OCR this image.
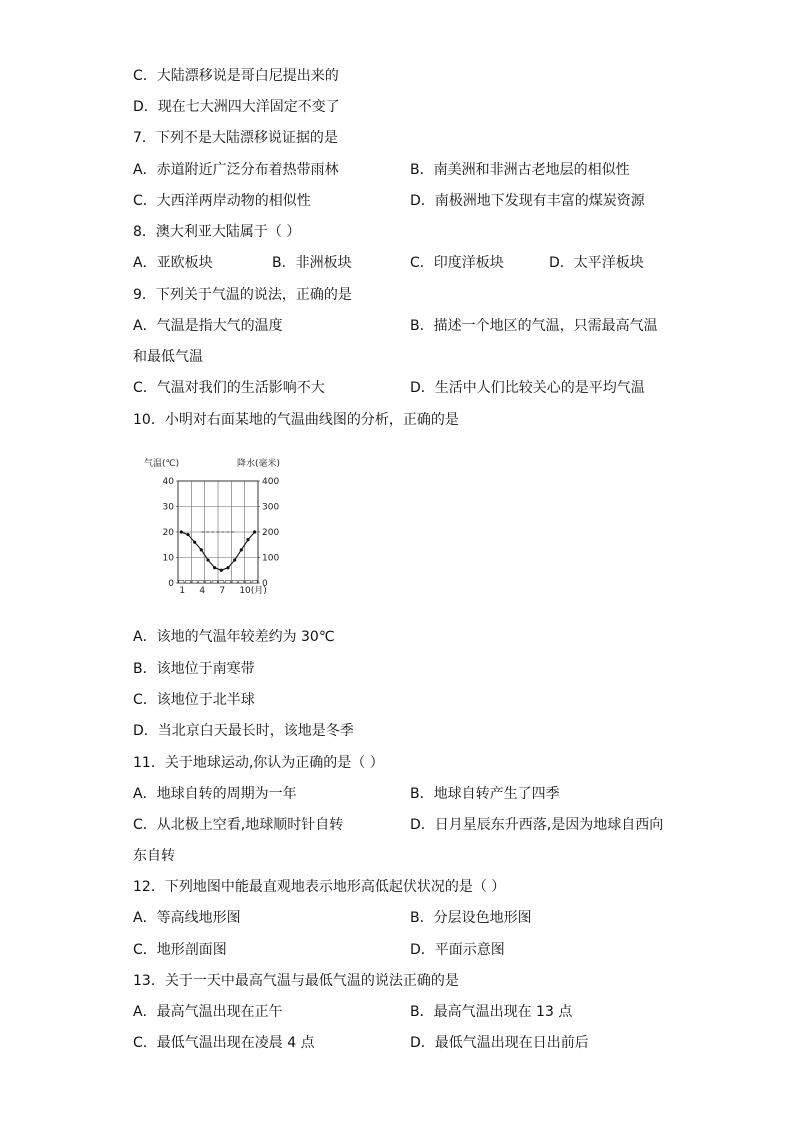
C．大陆漂移说是哥白尼提出来的
D．现在七大洲四大洋固定不变了
7．下列不是大陆漂移说证据的是
A．赤道附近广泛分布着热带雨林	B．南美洲和非洲古老地层的相似性
C．大西洋两岸动物的相似性	D．南极洲地下发现有丰富的煤炭资源
8．澳大利亚大陆属于（ ）
A．亚欧板块	B．非洲板块	C．印度洋板块	D．太平洋板块
9．下列关于气温的说法，正确的是
A．气温是指大气的温度	B．描述一个地区的气温，只需最高气温
和最低气温
C．气温对我们的生活影响不大	D．生活中人们比较关心的是平均气温
10．小明对右面某地的气温曲线图的分析，正确的是
气温(℃)	降水(毫米)
0
10
20
30
40
0
100
200
300
400
1 4 7 10(月)
A．该地的气温年较差约为 30℃
B．该地位于南寒带
C．该地位于北半球
D．当北京白天最长时，该地是冬季
11．关于地球运动,你认为正确的是（ ）
A．地球自转的周期为一年	B．地球自转产生了四季
C．从北极上空看,地球顺时针自转	D．日月星辰东升西落,是因为地球自西向
东自转
12．下列地图中能最直观地表示地形高低起伏状况的是（ ）
A．等高线地形图	B．分层设色地形图
C．地形剖面图	D．平面示意图
13．关于一天中最高气温与最低气温的说法正确的是
A．最高气温出现在正午	B．最高气温出现在 13 点
C．最低气温出现在凌晨 4 点	D．最低气温出现在日出前后
